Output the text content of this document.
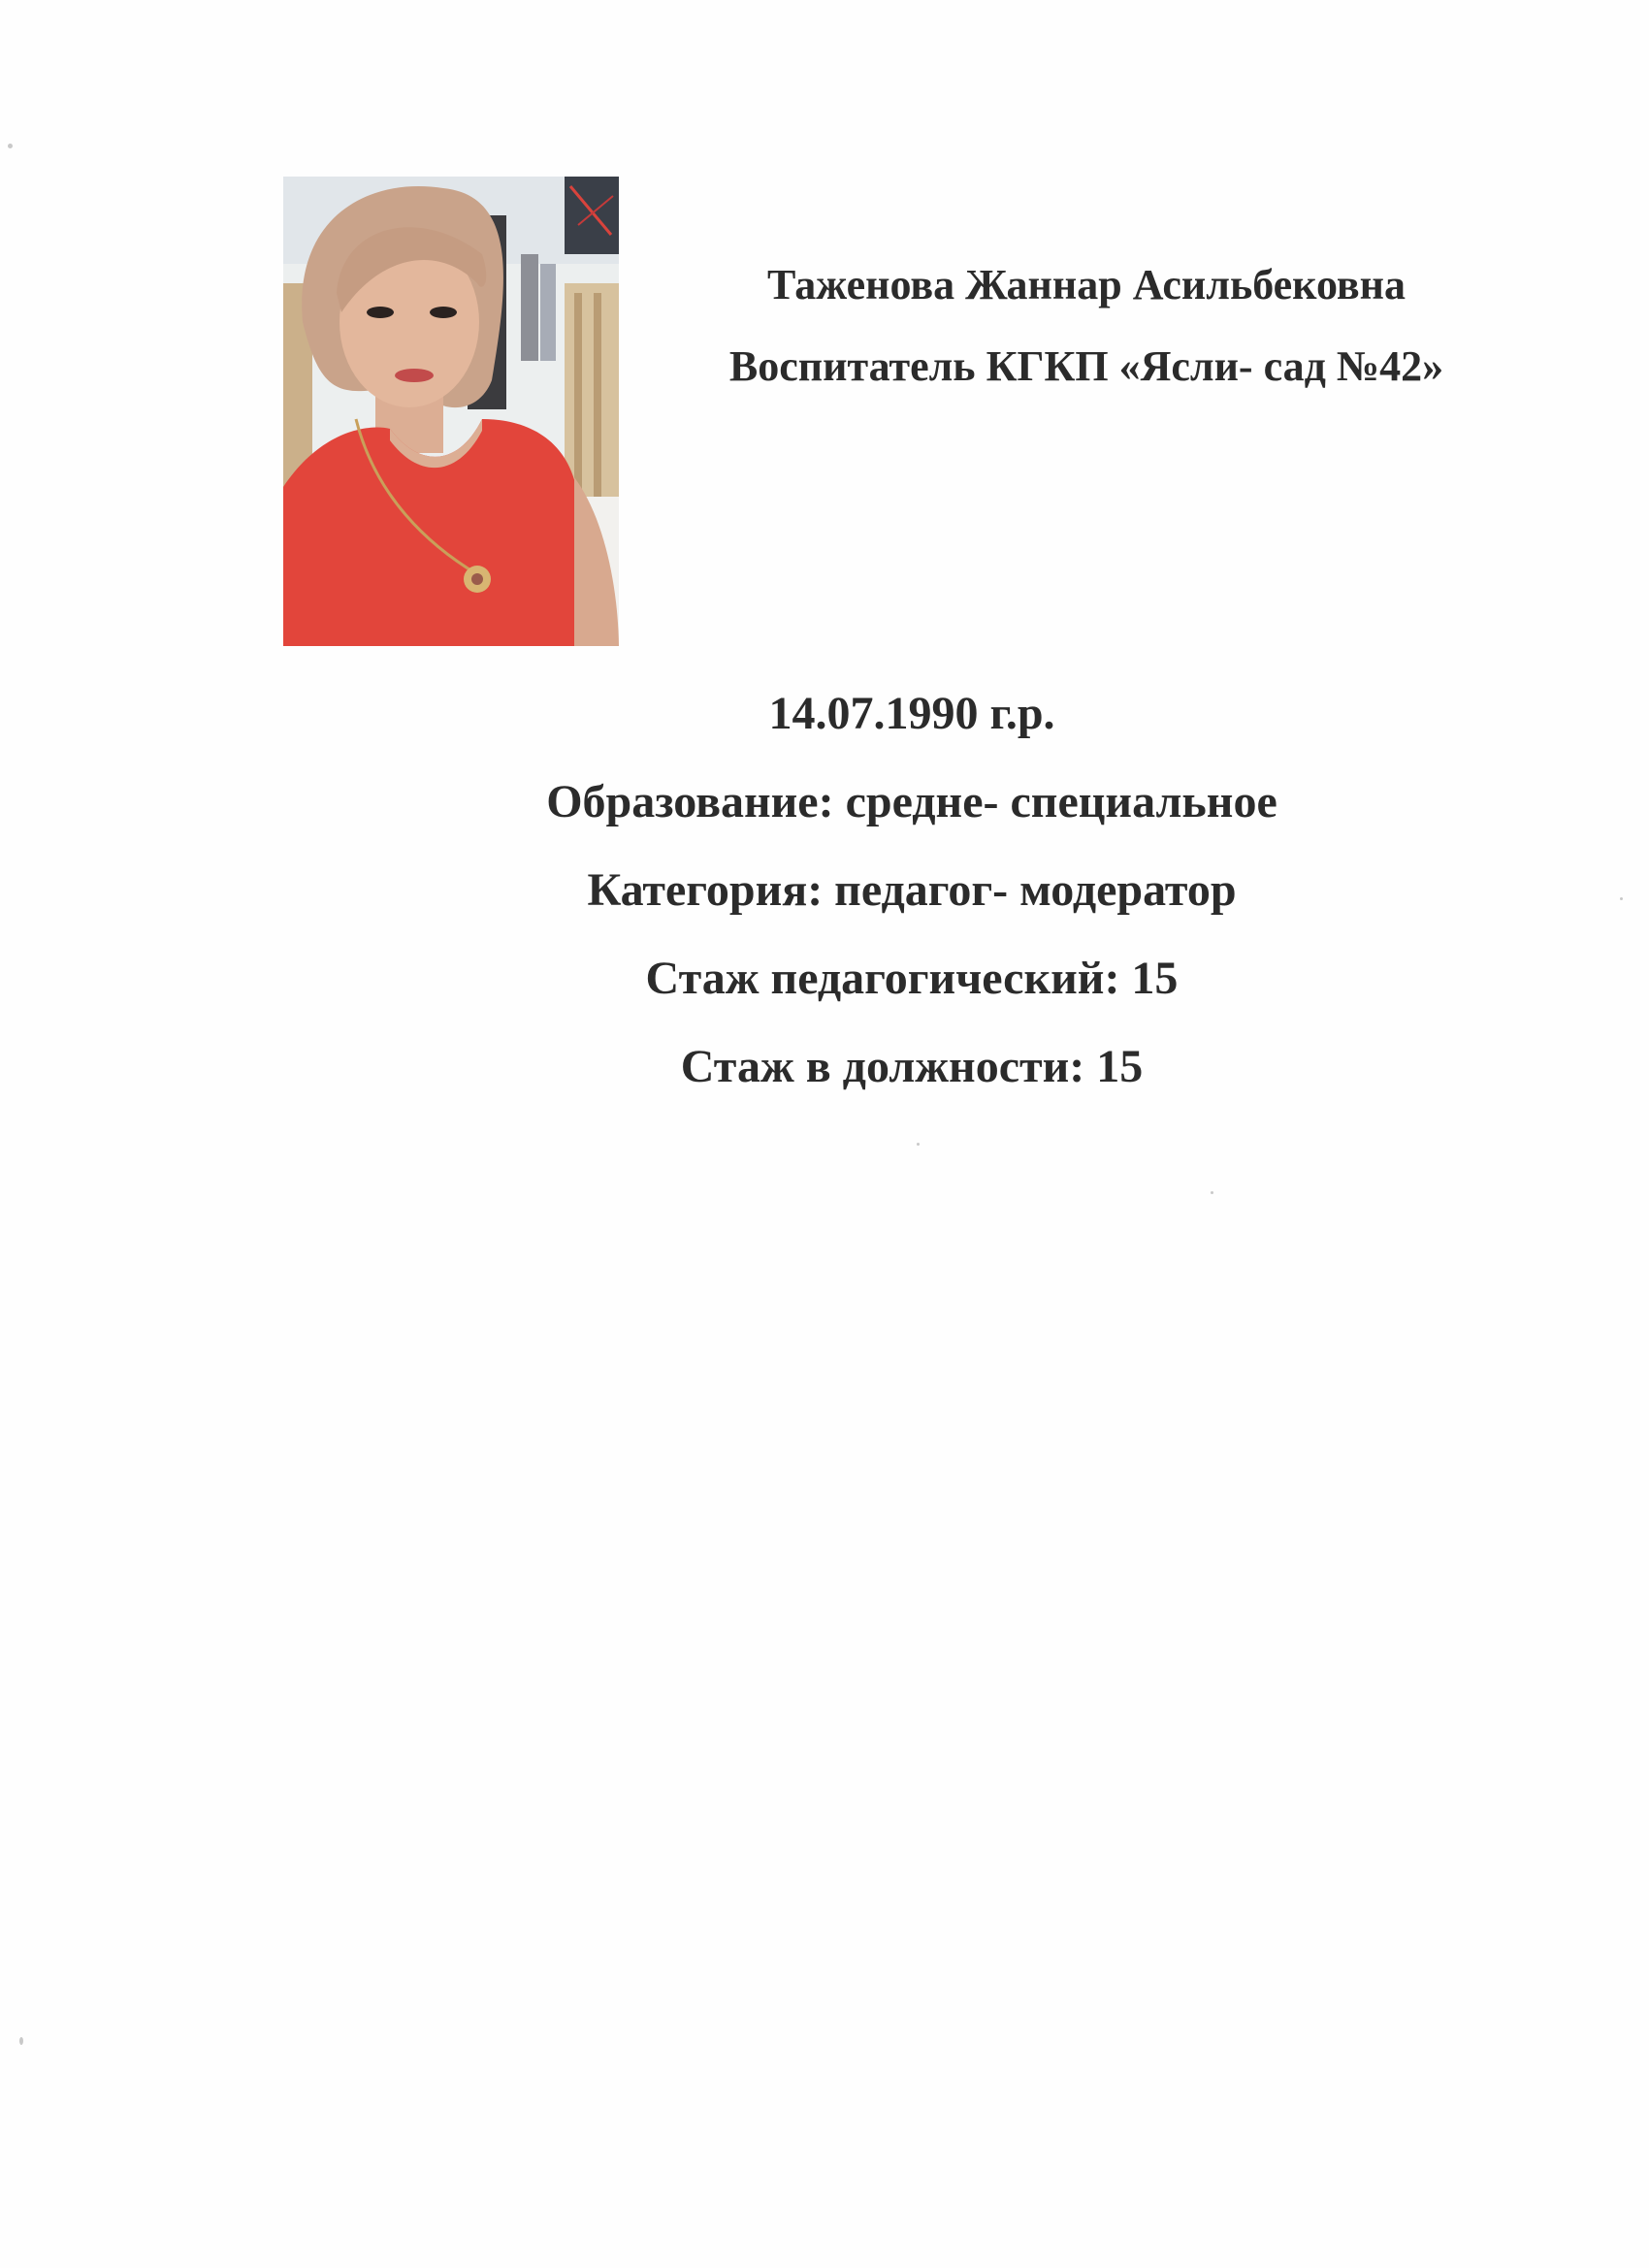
Таженова Жаннар Асильбековна
Воспитатель КГКП «Ясли- сад №42»
14.07.1990 г.р.
Образование: средне- специальное
Категория: педагог- модератор
Стаж педагогический: 15
Стаж в должности: 15
